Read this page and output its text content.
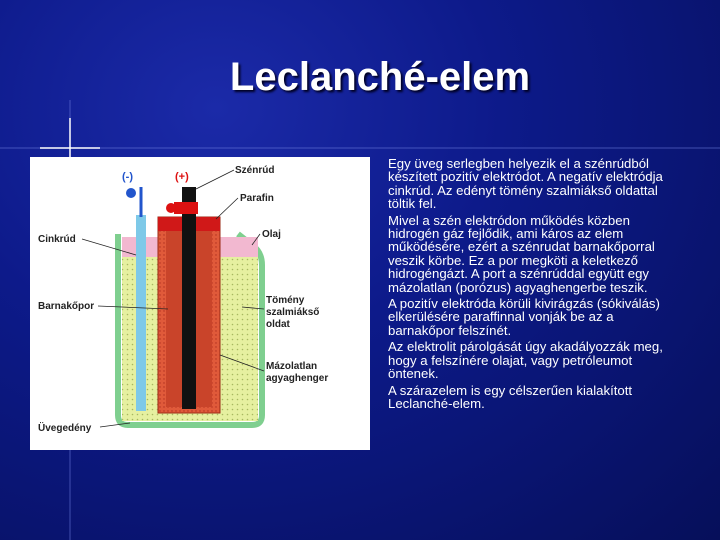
Leclanché-elem
(-)	(+)
Szénrúd
Parafin
Olaj
Cinkrúd
Barnakőpor
Tömény
szalmiákső
oldat
Mázolatlan
agyaghenger
Üvegedény

Egy üveg serlegben helyezik el a szénrúdból készített pozitív elektródot. A negatív elektródja cinkrúd. Az edényt tömény szalmiákső oldattal töltik fel.

Mivel a szén elektródon működés közben hidrogén gáz fejlődik, ami káros az elem működésére, ezért a szénrudat barnakőporral veszik körbe. Ez a por megköti a keletkező hidrogéngázt. A port a szénrúddal együtt egy mázolatlan (porózus) agyaghengerbe teszik.

A pozitív elektróda körüli kivirágzás (sókiválás) elkerülésére paraffinnal vonják be az a barnakőpor felszínét.

Az elektrolit párolgását úgy akadályozzák meg, hogy a felszínére olajat, vagy petróleumot öntenek.

A szárazelem is egy célszerűen kialakított Leclanché-elem.
